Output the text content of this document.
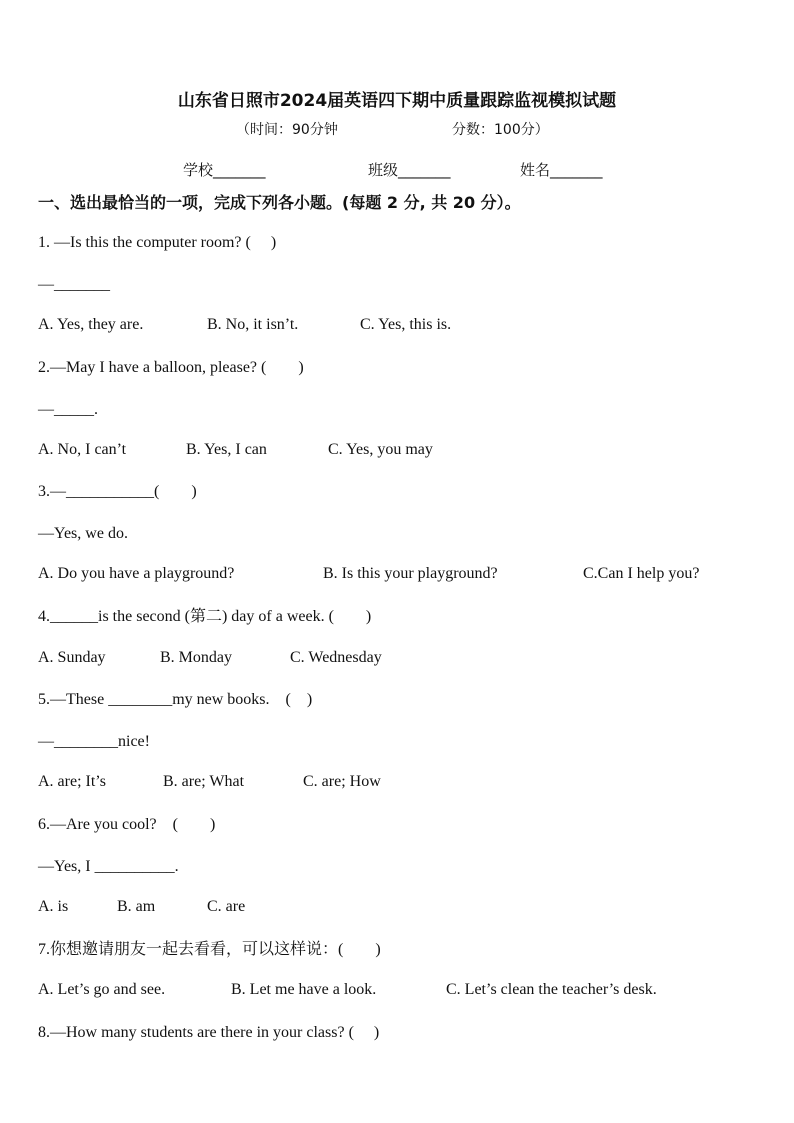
山东省日照市2024届英语四下期中质量跟踪监视模拟试题
（时间：90分钟	分数：100分）
学校_______	班级_______	姓名_______
一、选出最恰当的一项，完成下列各小题。(每题 2 分, 共 20 分）。
1. —Is this the computer room? (　 )
—_______
A. Yes, they are.	B. No, it isn’t.	C. Yes, this is.
2.—May I have a balloon, please? (　　)
—_____.
A. No, I can’t	B. Yes, I can	C. Yes, you may
3.—___________(　　)
—Yes, we do.
A. Do you have a playground?	B. Is this your playground?	C.Can I help you?
4.______is the second (第二) day of a week. (　　)
A. Sunday	B. Monday	C. Wednesday
5.—These ________my new books.　(　)
—________nice!
A. are; It’s	B. are; What	C. are; How
6.—Are you cool?　(　　)
—Yes, I __________.
A. is	B. am	C. are
7.你想邀请朋友一起去看看，可以这样说：(　　)
A. Let’s go and see.	B. Let me have a look.	C. Let’s clean the teacher’s desk.
8.—How many students are there in your class? (　 )
